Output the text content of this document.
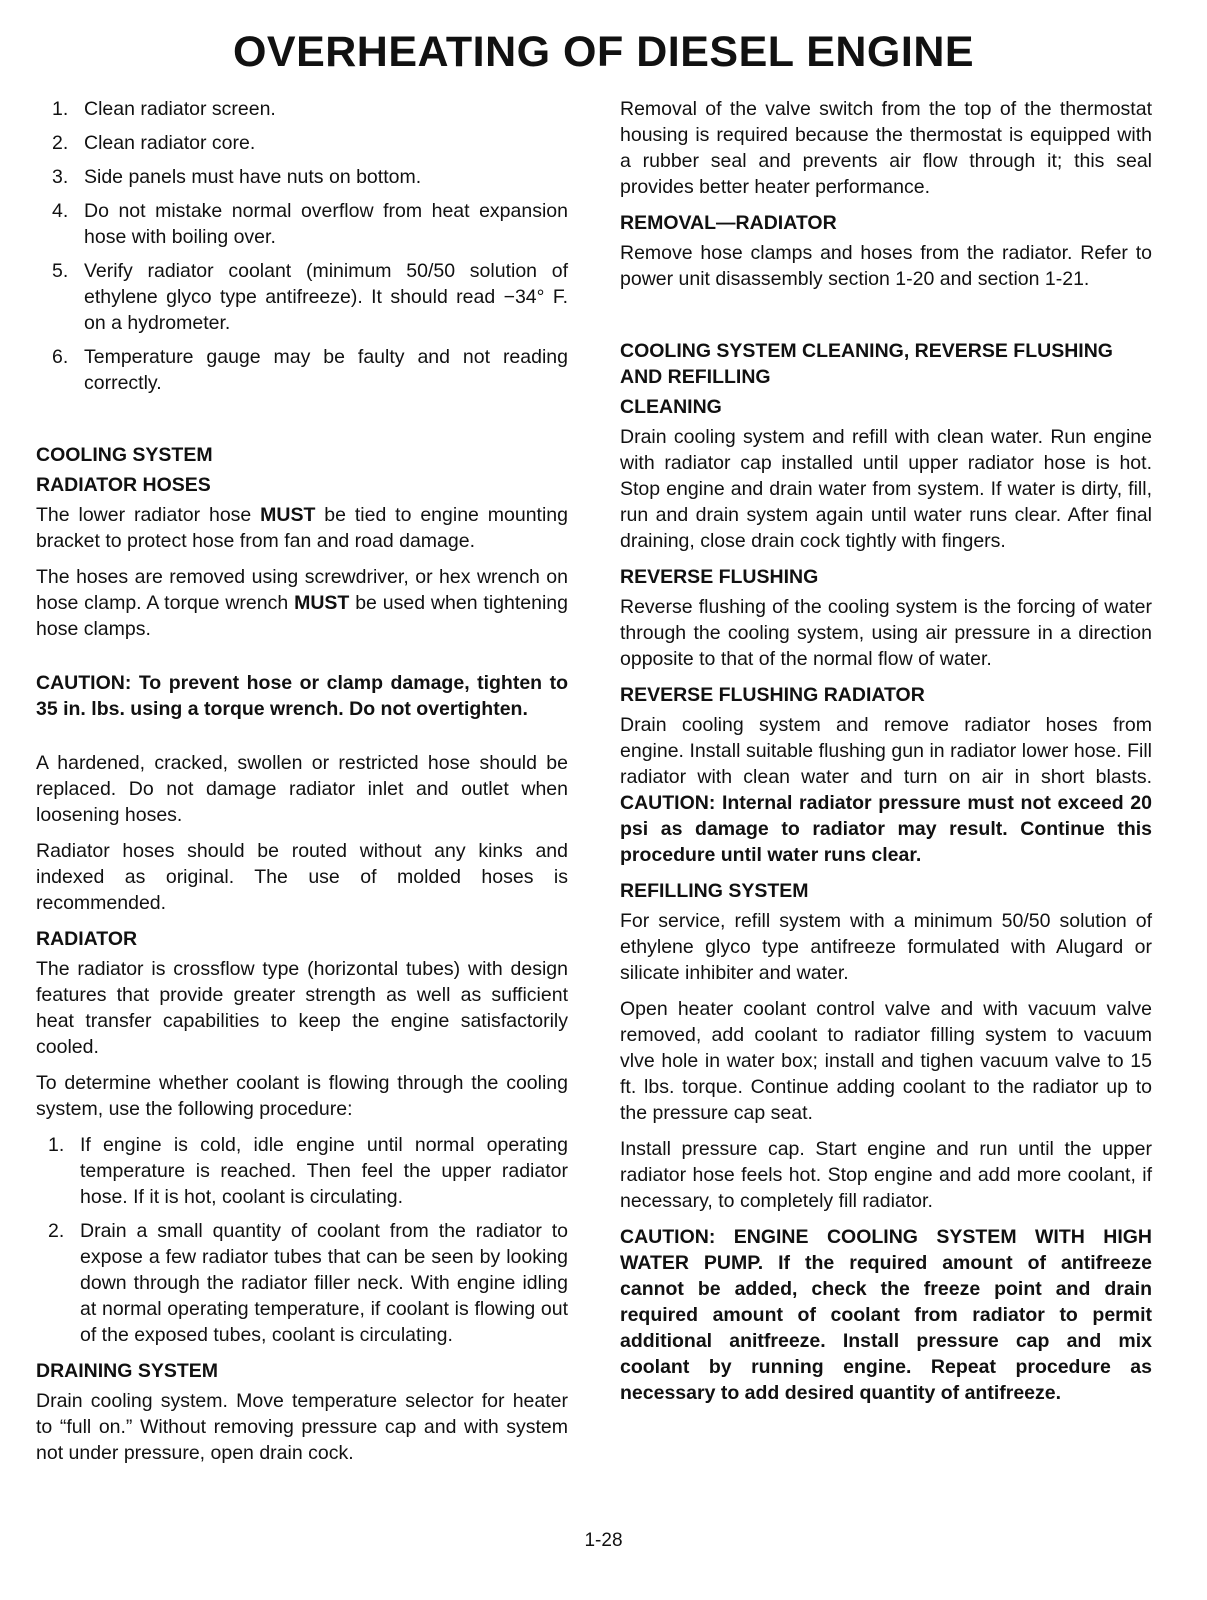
OVERHEATING OF DIESEL ENGINE
1. Clean radiator screen.
2. Clean radiator core.
3. Side panels must have nuts on bottom.
4. Do not mistake normal overflow from heat expansion hose with boiling over.
5. Verify radiator coolant (minimum 50/50 solution of ethylene glyco type antifreeze). It should read −34° F. on a hydrometer.
6. Temperature gauge may be faulty and not reading correctly.
COOLING SYSTEM
RADIATOR HOSES

The lower radiator hose MUST be tied to engine mounting bracket to protect hose from fan and road damage.

The hoses are removed using screwdriver, or hex wrench on hose clamp. A torque wrench MUST be used when tightening hose clamps.

CAUTION: To prevent hose or clamp damage, tighten to 35 in. lbs. using a torque wrench. Do not overtighten.

A hardened, cracked, swollen or restricted hose should be replaced. Do not damage radiator inlet and outlet when loosening hoses.

Radiator hoses should be routed without any kinks and indexed as original. The use of molded hoses is recommended.

RADIATOR

The radiator is crossflow type (horizontal tubes) with design features that provide greater strength as well as sufficient heat transfer capabilities to keep the engine satisfactorily cooled.

To determine whether coolant is flowing through the cooling system, use the following procedure:

1. If engine is cold, idle engine until normal operating temperature is reached. Then feel the upper radiator hose. If it is hot, coolant is circulating.
2. Drain a small quantity of coolant from the radiator to expose a few radiator tubes that can be seen by looking down through the radiator filler neck. With engine idling at normal operating temperature, if coolant is flowing out of the exposed tubes, coolant is circulating.
DRAINING SYSTEM

Drain cooling system. Move temperature selector for heater to “full on.” Without removing pressure cap and with system not under pressure, open drain cock.

Removal of the valve switch from the top of the thermostat housing is required because the thermostat is equipped with a rubber seal and prevents air flow through it; this seal provides better heater performance.

REMOVAL—RADIATOR

Remove hose clamps and hoses from the radiator. Refer to power unit disassembly section 1-20 and section 1-21.

COOLING SYSTEM CLEANING, REVERSE FLUSHING AND REFILLING
CLEANING

Drain cooling system and refill with clean water. Run engine with radiator cap installed until upper radiator hose is hot. Stop engine and drain water from system. If water is dirty, fill, run and drain system again until water runs clear. After final draining, close drain cock tightly with fingers.

REVERSE FLUSHING

Reverse flushing of the cooling system is the forcing of water through the cooling system, using air pressure in a direction opposite to that of the normal flow of water.

REVERSE FLUSHING RADIATOR

Drain cooling system and remove radiator hoses from engine. Install suitable flushing gun in radiator lower hose. Fill radiator with clean water and turn on air in short blasts. CAUTION: Internal radiator pressure must not exceed 20 psi as damage to radiator may result. Continue this procedure until water runs clear.

REFILLING SYSTEM

For service, refill system with a minimum 50/50 solution of ethylene glyco type antifreeze formulated with Alugard or silicate inhibiter and water.

Open heater coolant control valve and with vacuum valve removed, add coolant to radiator filling system to vacuum vlve hole in water box; install and tighen vacuum valve to 15 ft. lbs. torque. Continue adding coolant to the radiator up to the pressure cap seat.

Install pressure cap. Start engine and run until the upper radiator hose feels hot. Stop engine and add more coolant, if necessary, to completely fill radiator.

CAUTION: ENGINE COOLING SYSTEM WITH HIGH WATER PUMP. If the required amount of antifreeze cannot be added, check the freeze point and drain required amount of coolant from radiator to permit additional anitfreeze. Install pressure cap and mix coolant by running engine. Repeat procedure as necessary to add desired quantity of antifreeze.

1-28
